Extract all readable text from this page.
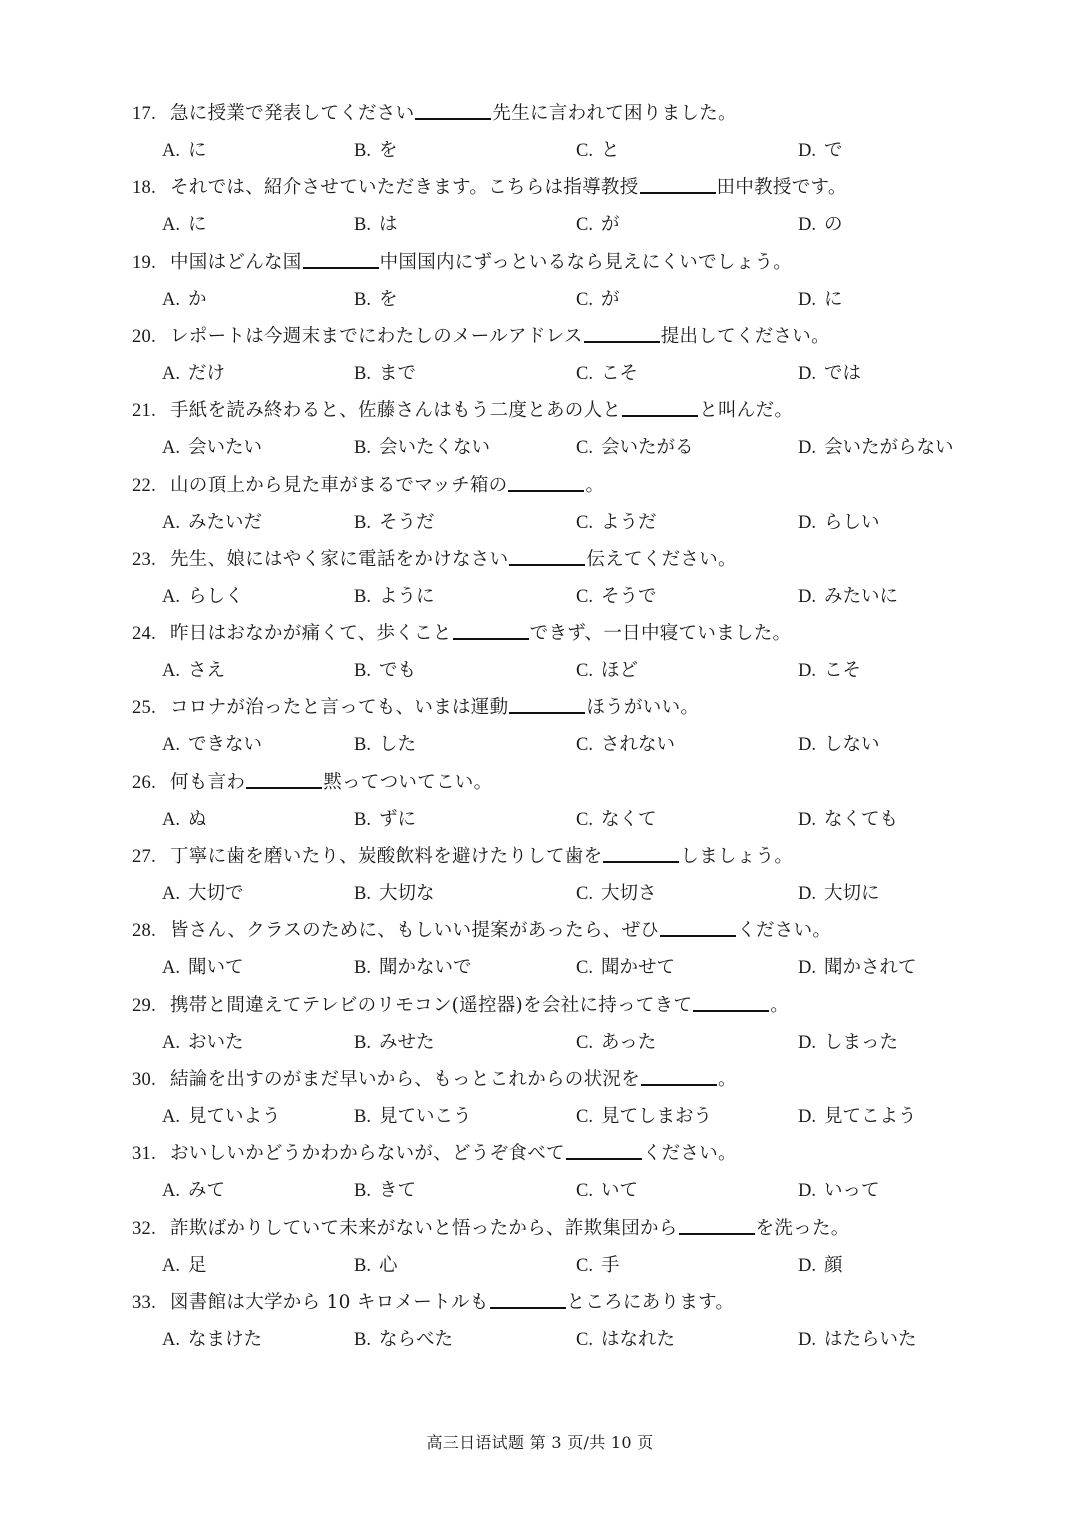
17. 急に授業で発表してください	先生に言われて困りました。
A. に	B. を	C. と	D. で
18. それでは、紹介させていただきます。こちらは指導教授	田中教授です。
A. に	B. は	C. が	D. の
19. 中国はどんな国	中国国内にずっといるなら見えにくいでしょう。
A. か	B. を	C. が	D. に
20. レポートは今週末までにわたしのメールアドレス	提出してください。
A. だけ	B. まで	C. こそ	D. では
21. 手紙を読み終わると、佐藤さんはもう二度とあの人と	と叫んだ。
A. 会いたい	B. 会いたくない	C. 会いたがる	D. 会いたがらない
22. 山の頂上から見た車がまるでマッチ箱の	。
A. みたいだ	B. そうだ	C. ようだ	D. らしい
23. 先生、娘にはやく家に電話をかけなさい	伝えてください。
A. らしく	B. ように	C. そうで	D. みたいに
24. 昨日はおなかが痛くて、歩くこと	できず、一日中寝ていました。
A. さえ	B. でも	C. ほど	D. こそ
25. コロナが治ったと言っても、いまは運動	ほうがいい。
A. できない	B. した	C. されない	D. しない
26. 何も言わ	黙ってついてこい。
A. ぬ	B. ずに	C. なくて	D. なくても
27. 丁寧に歯を磨いたり、炭酸飲料を避けたりして歯を	しましょう。
A. 大切で	B. 大切な	C. 大切さ	D. 大切に
28. 皆さん、クラスのために、もしいい提案があったら、ぜひ	ください。
A. 聞いて	B. 聞かないで	C. 聞かせて	D. 聞かされて
29. 携帯と間違えてテレビのリモコン(遥控器)を会社に持ってきて	。
A. おいた	B. みせた	C. あった	D. しまった
30. 結論を出すのがまだ早いから、もっとこれからの状況を	。
A. 見ていよう	B. 見ていこう	C. 見てしまおう	D. 見てこよう
31. おいしいかどうかわからないが、どうぞ食べて	ください。
A. みて	B. きて	C. いて	D. いって
32. 詐欺ばかりしていて未来がないと悟ったから、詐欺集団から	を洗った。
A. 足	B. 心	C. 手	D. 顔
33. 図書館は大学から 10 キロメートルも	ところにあります。
A. なまけた	B. ならべた	C. はなれた	D. はたらいた
高三日语试题 第 3 页/共 10 页
